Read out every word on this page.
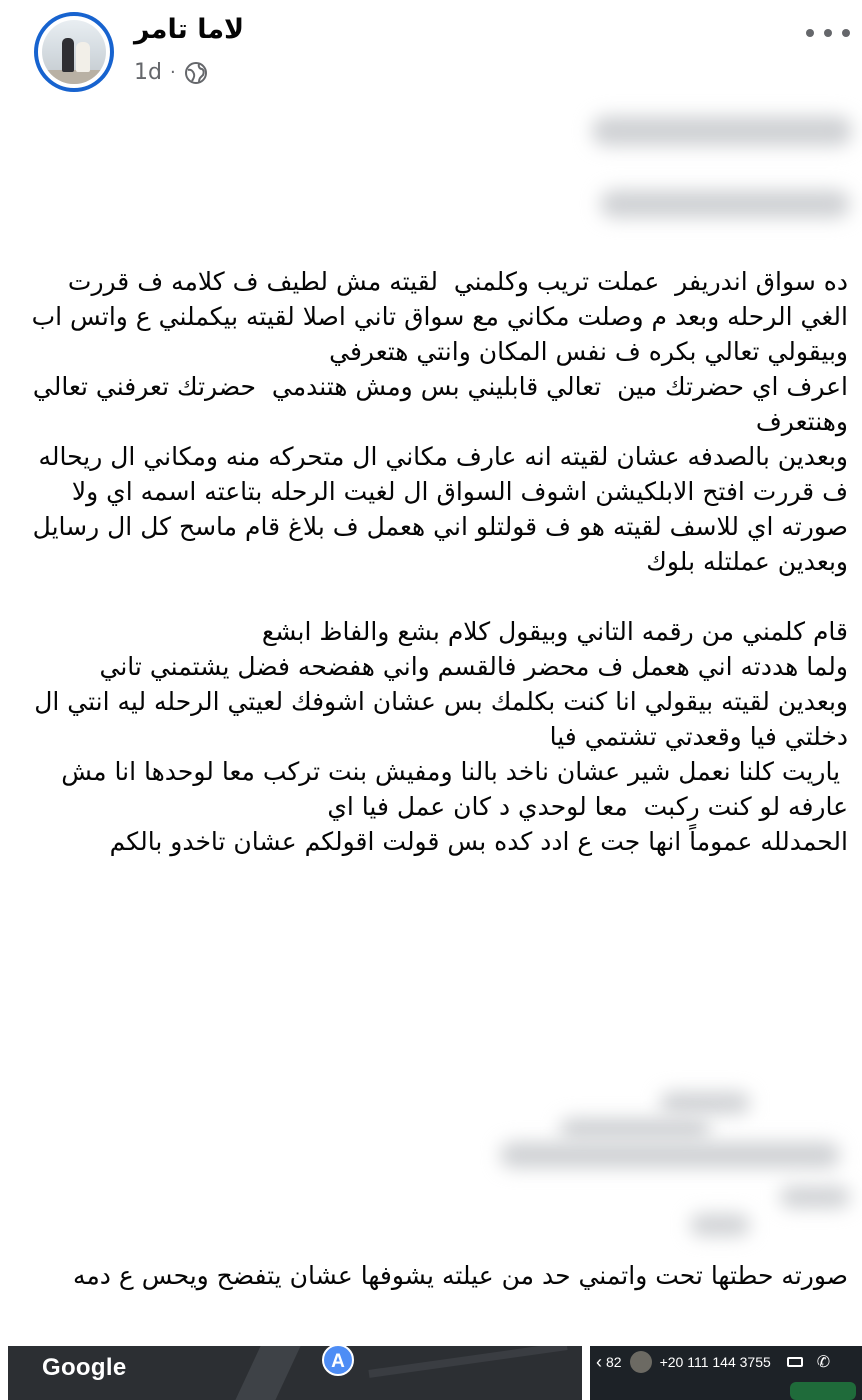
لاما تامر
1d ·

ده سواق اندريفر  عملت تريب وكلمني  لقيته مش لطيف ف كلامه ف قررت الغي الرحله وبعد م وصلت مكاني مع سواق تاني اصلا لقيته بيكملني ع واتس اب وبيقولي تعالي بكره ف نفس المكان وانتي هتعرفي
اعرف اي حضرتك مين  تعالي قابليني بس ومش هتندمي  حضرتك تعرفني تعالي وهنتعرف
وبعدين بالصدفه عشان لقيته انه عارف مكاني ال متحركه منه ومكاني ال ريحاله ف قررت افتح الابلكيشن اشوف السواق ال لغيت الرحله بتاعته اسمه اي ولا صورته اي للاسف لقيته هو ف قولتلو اني هعمل ف بلاغ قام ماسح كل ال رسايل وبعدين عملتله بلوك

قام كلمني من رقمه التاني وبيقول كلام بشع والفاظ ابشع
ولما هددته اني هعمل ف محضر فالقسم واني هفضحه فضل يشتمني تاني
وبعدين لقيته بيقولي انا كنت بكلمك بس عشان اشوفك لعيتي الرحله ليه انتي ال دخلتي فيا وقعدتي تشتمي فيا
ياريت كلنا نعمل شير عشان ناخد بالنا ومفيش بنت تركب معا لوحدها انا مش عارفه لو كنت ركبت  معا لوحدي د كان عمل فيا اي
الحمدلله عموماً انها جت ع ادد كده بس قولت اقولكم عشان تاخدو بالكم

صورته حطتها تحت واتمني حد من عيلته يشوفها عشان يتفضح ويحس ع دمه

Google	A	‹ 82	+20 111 144 3755	✆
